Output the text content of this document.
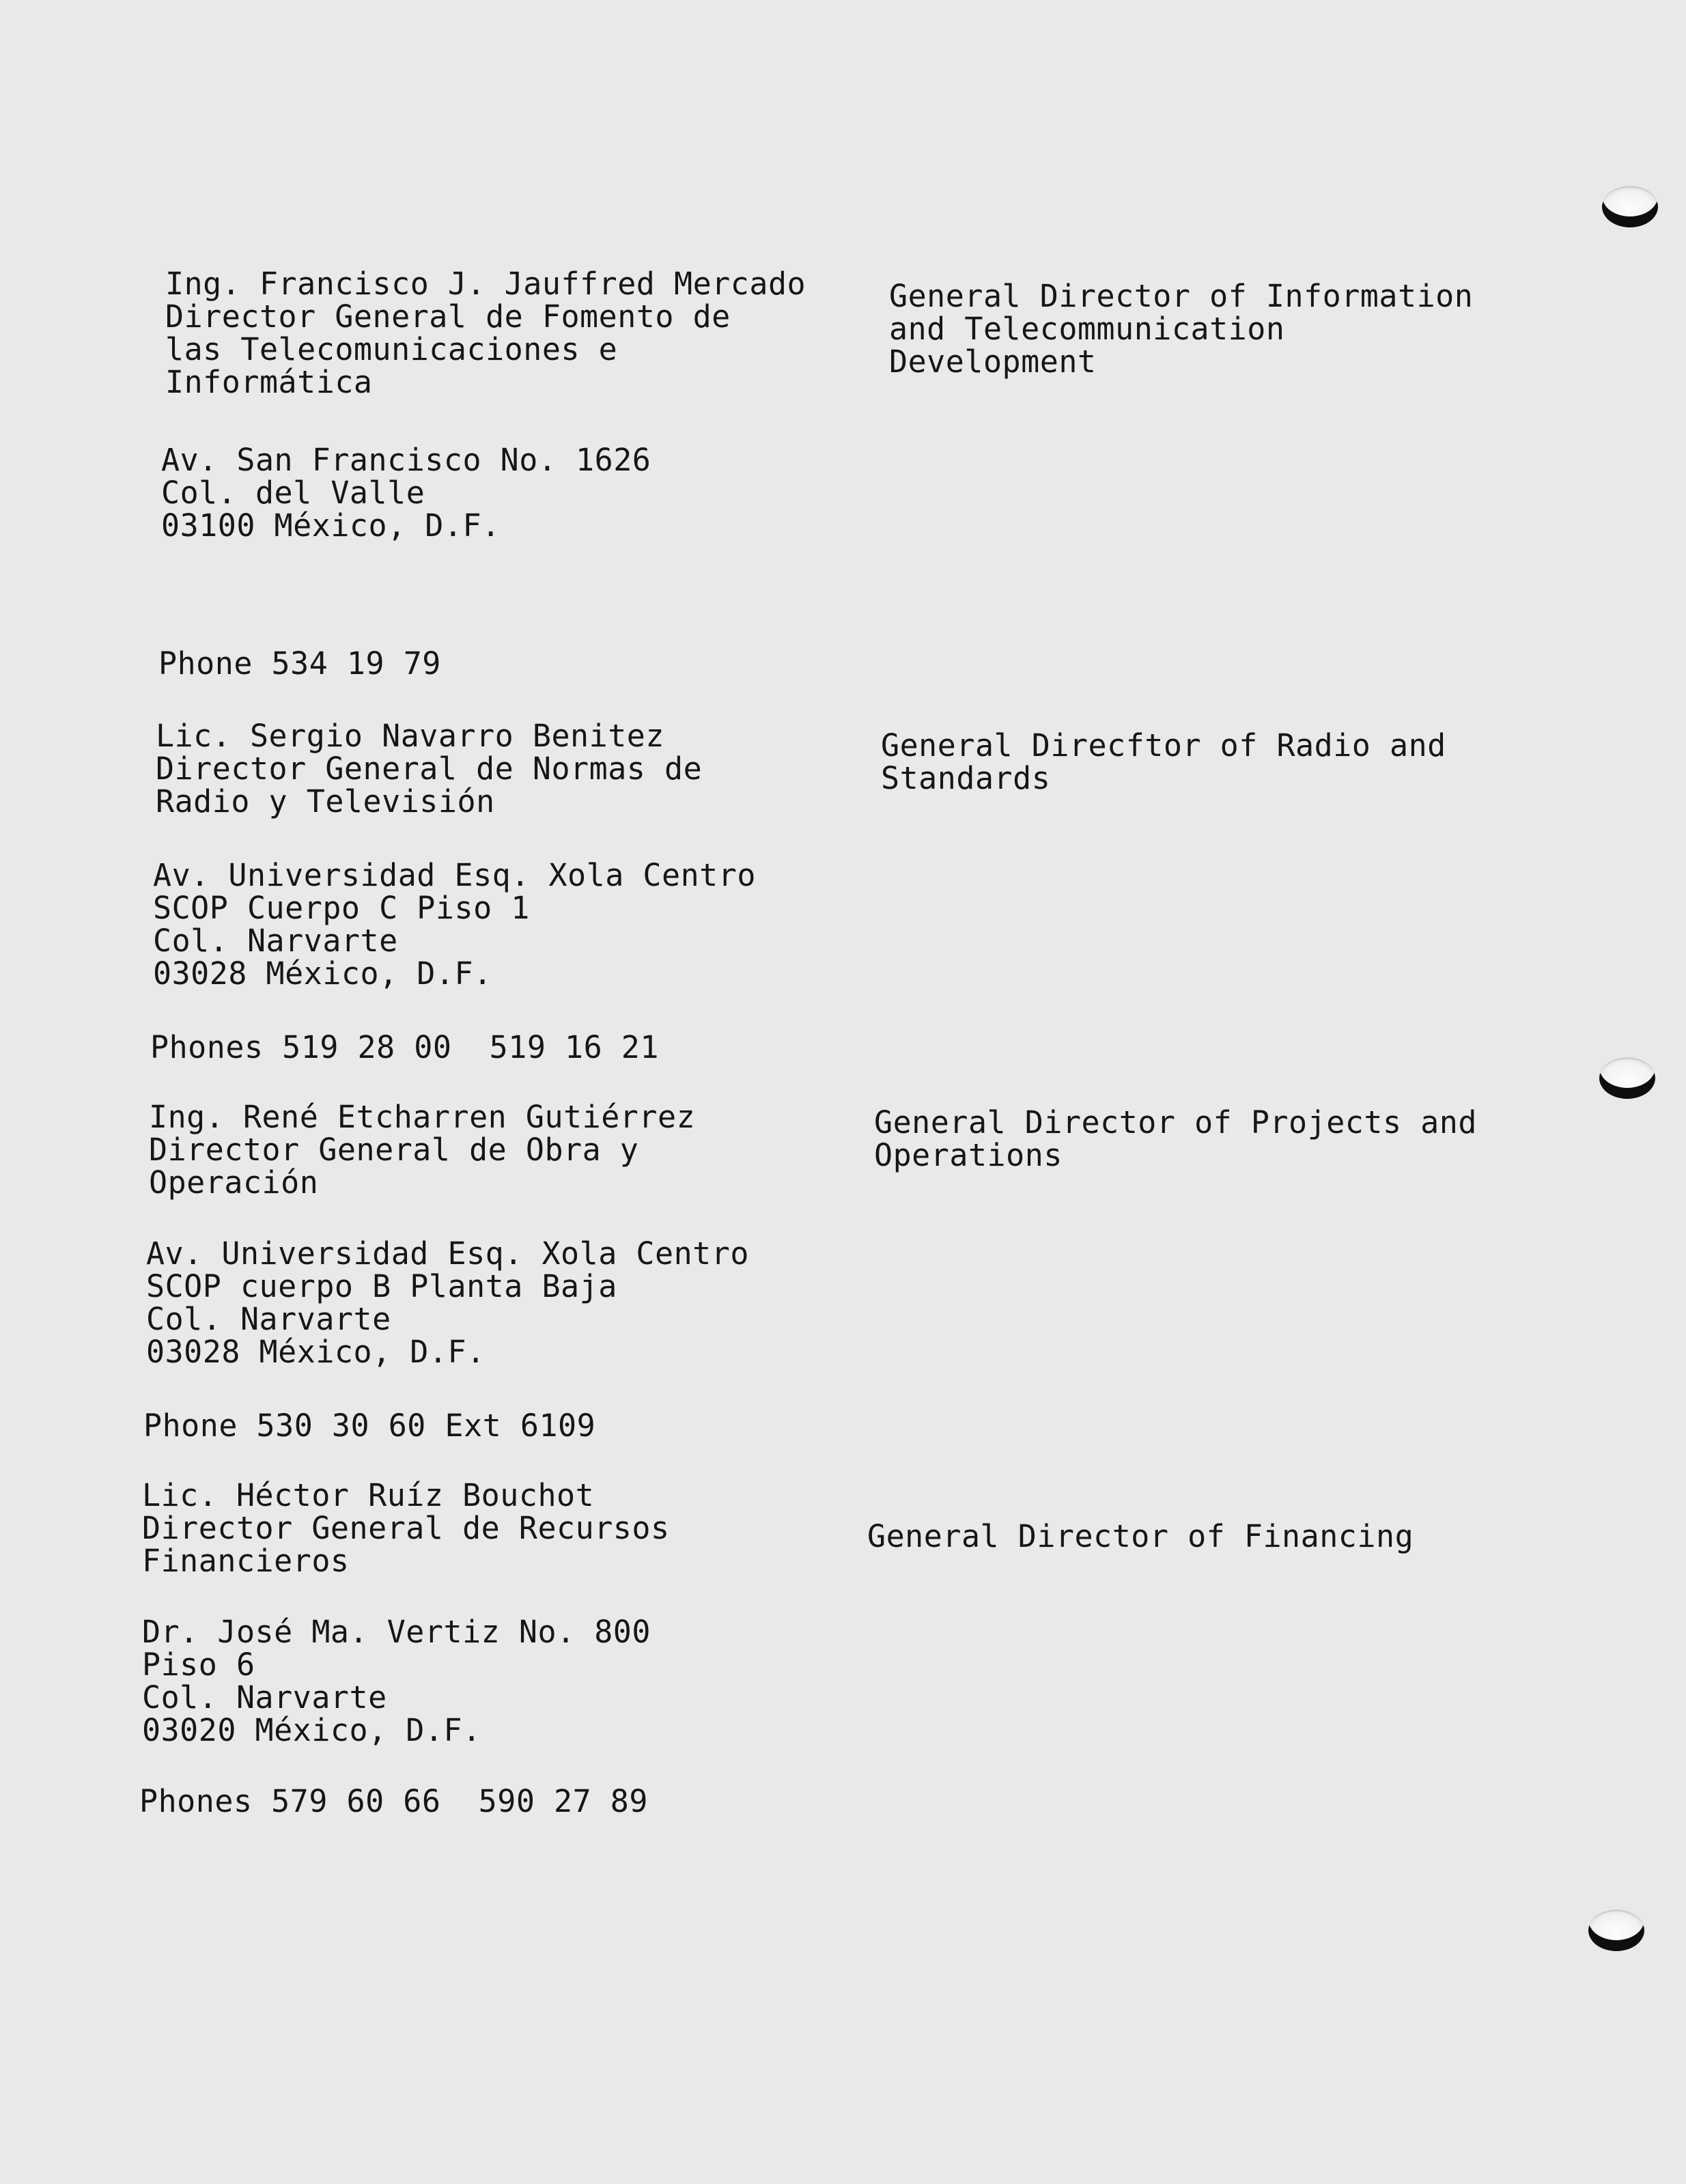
Ing. Francisco J. Jauffred Mercado
Director General de Fomento de
las Telecomunicaciones e
Informática
General Director of Information
and Telecommunication
Development
Av. San Francisco No. 1626
Col. del Valle
03100 México, D.F.
Phone 534 19 79
Lic. Sergio Navarro Benitez
Director General de Normas de
Radio y Televisión
General Direcftor of Radio and
Standards
Av. Universidad Esq. Xola Centro
SCOP Cuerpo C Piso 1
Col. Narvarte
03028 México, D.F.
Phones 519 28 00  519 16 21
Ing. René Etcharren Gutiérrez
Director General de Obra y
Operación
General Director of Projects and
Operations
Av. Universidad Esq. Xola Centro
SCOP cuerpo B Planta Baja
Col. Narvarte
03028 México, D.F.
Phone 530 30 60 Ext 6109
Lic. Héctor Ruíz Bouchot
Director General de Recursos
Financieros
General Director of Financing
Dr. José Ma. Vertiz No. 800
Piso 6
Col. Narvarte
03020 México, D.F.
Phones 579 60 66  590 27 89
